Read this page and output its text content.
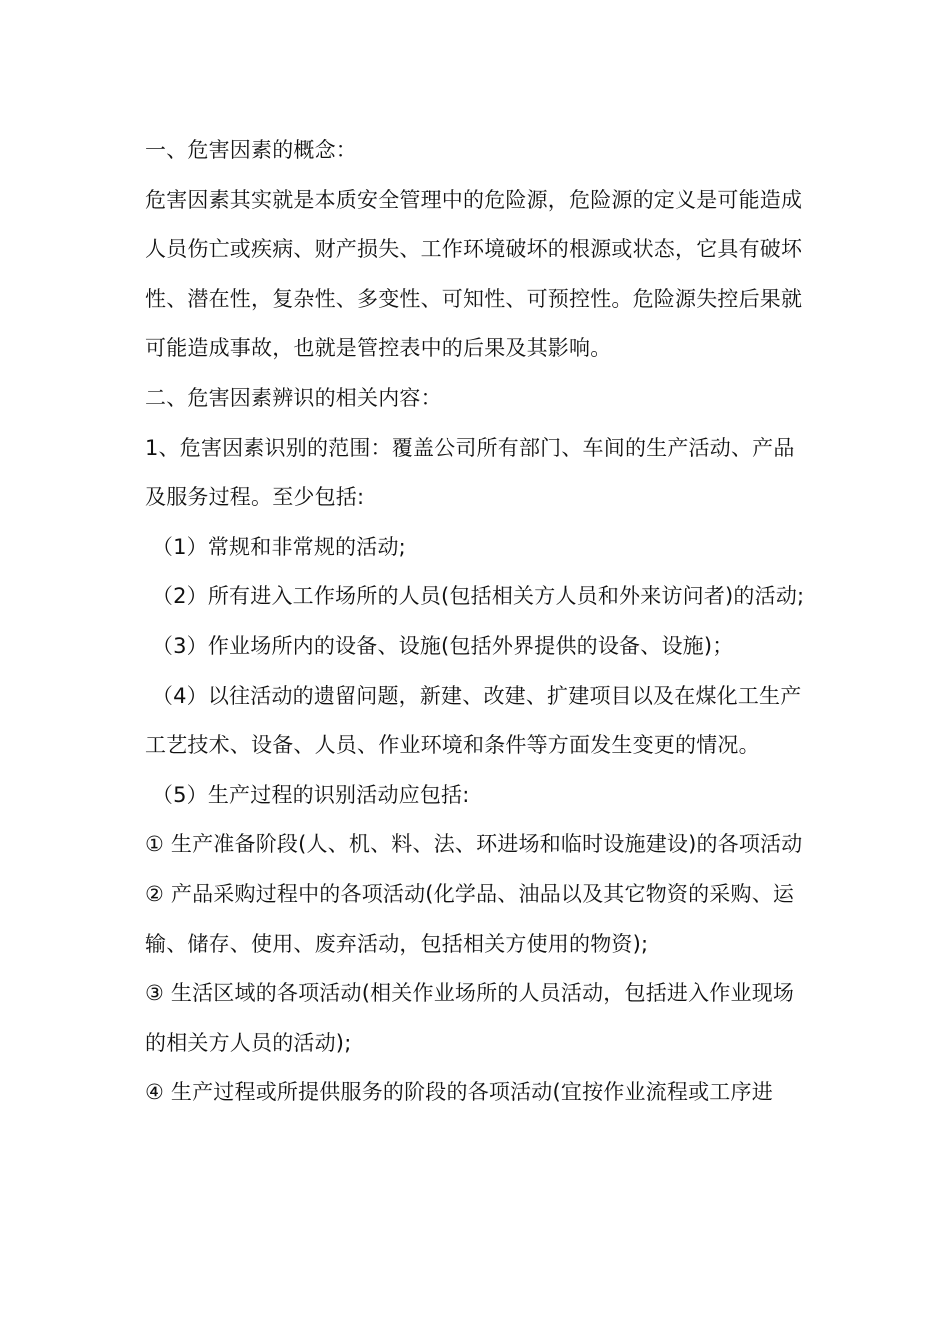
一、危害因素的概念：

危害因素其实就是本质安全管理中的危险源，危险源的定义是可能造成人员伤亡或疾病、财产损失、工作环境破坏的根源或状态，它具有破坏性、潜在性，复杂性、多变性、可知性、可预控性。危险源失控后果就可能造成事故，也就是管控表中的后果及其影响。

二、危害因素辨识的相关内容：

1、危害因素识别的范围：覆盖公司所有部门、车间的生产活动、产品及服务过程。至少包括:

（1）常规和非常规的活动;

（2）所有进入工作场所的人员(包括相关方人员和外来访问者)的活动;

（3）作业场所内的设备、设施(包括外界提供的设备、设施)；

（4）以往活动的遗留问题，新建、改建、扩建项目以及在煤化工生产工艺技术、设备、人员、作业环境和条件等方面发生变更的情况。

（5）生产过程的识别活动应包括:

① 生产准备阶段(人、机、料、法、环进场和临时设施建设)的各项活动

② 产品采购过程中的各项活动(化学品、油品以及其它物资的采购、运输、储存、使用、废弃活动，包括相关方使用的物资);

③ 生活区域的各项活动(相关作业场所的人员活动，包括进入作业现场的相关方人员的活动);

④ 生产过程或所提供服务的阶段的各项活动(宜按作业流程或工序进
